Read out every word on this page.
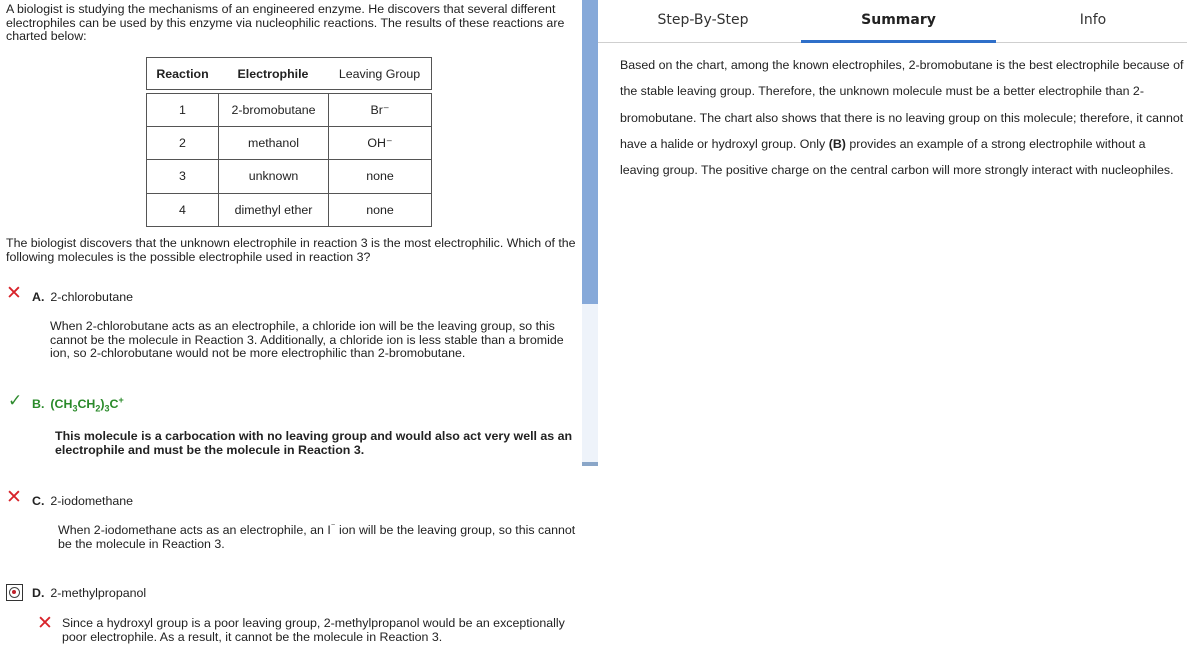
A biologist is studying the mechanisms of an engineered enzyme. He discovers that several different electrophiles can be used by this enzyme via nucleophilic reactions. The results of these reactions are charted below:

Reaction	Electrophile	Leaving Group

1	2-bromobutane	Br⁻
2	methanol	OH⁻
3	unknown	none
4	dimethyl ether	none

The biologist discovers that the unknown electrophile in reaction 3 is the most electrophilic. Which of the following molecules is the possible electrophile used in reaction 3?

✕ A. 2-chlorobutane

When 2-chlorobutane acts as an electrophile, a chloride ion will be the leaving group, so this cannot be the molecule in Reaction 3. Additionally, a chloride ion is less stable than a bromide ion, so 2-chlorobutane would not be more electrophilic than 2-bromobutane.

✓ B. $(CH_3CH_2)_3C^+$

This molecule is a carbocation with no leaving group and would also act very well as an electrophile and must be the molecule in Reaction 3.

✕ C. 2-iodomethane

When 2-iodomethane acts as an electrophile, an I⁻ ion will be the leaving group, so this cannot be the molecule in Reaction 3.

D. 2-methylpropanol
✕ Since a hydroxyl group is a poor leaving group, 2-methylpropanol would be an exceptionally poor electrophile. As a result, it cannot be the molecule in Reaction 3.

Step-By-Step	Summary	Info

Based on the chart, among the known electrophiles, 2-bromobutane is the best electrophile because of the stable leaving group. Therefore, the unknown molecule must be a better electrophile than 2-bromobutane. The chart also shows that there is no leaving group on this molecule; therefore, it cannot have a halide or hydroxyl group. Only (B) provides an example of a strong electrophile without a leaving group. The positive charge on the central carbon will more strongly interact with nucleophiles.
